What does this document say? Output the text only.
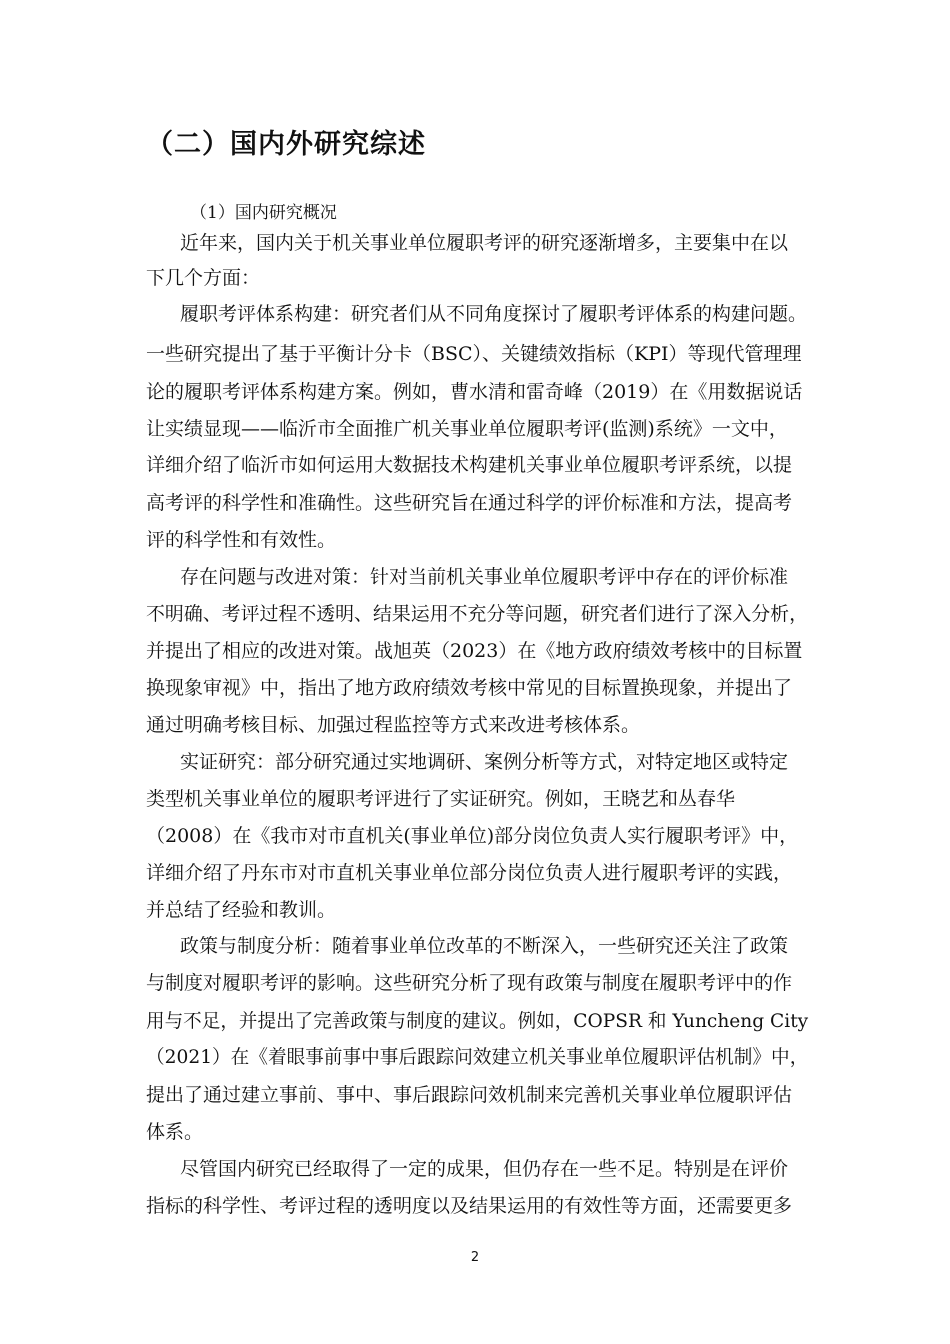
（二）国内外研究综述

（1）国内研究概况

近年来，国内关于机关事业单位履职考评的研究逐渐增多，主要集中在以

下几个方面：

履职考评体系构建：研究者们从不同角度探讨了履职考评体系的构建问题。

一些研究提出了基于平衡计分卡（BSC）、关键绩效指标（KPI）等现代管理理

论的履职考评体系构建方案。例如，曹水清和雷奇峰（2019）在《用数据说话

让实绩显现——临沂市全面推广机关事业单位履职考评(监测)系统》一文中，

详细介绍了临沂市如何运用大数据技术构建机关事业单位履职考评系统，以提

高考评的科学性和准确性。这些研究旨在通过科学的评价标准和方法，提高考

评的科学性和有效性。

存在问题与改进对策：针对当前机关事业单位履职考评中存在的评价标准

不明确、考评过程不透明、结果运用不充分等问题，研究者们进行了深入分析，

并提出了相应的改进对策。战旭英（2023）在《地方政府绩效考核中的目标置

换现象审视》中，指出了地方政府绩效考核中常见的目标置换现象，并提出了

通过明确考核目标、加强过程监控等方式来改进考核体系。

实证研究：部分研究通过实地调研、案例分析等方式，对特定地区或特定

类型机关事业单位的履职考评进行了实证研究。例如，王晓艺和丛春华

（2008）在《我市对市直机关(事业单位)部分岗位负责人实行履职考评》中，

详细介绍了丹东市对市直机关事业单位部分岗位负责人进行履职考评的实践，

并总结了经验和教训。

政策与制度分析：随着事业单位改革的不断深入，一些研究还关注了政策

与制度对履职考评的影响。这些研究分析了现有政策与制度在履职考评中的作

用与不足，并提出了完善政策与制度的建议。例如，COPSR 和 Yuncheng City

（2021）在《着眼事前事中事后跟踪问效建立机关事业单位履职评估机制》中，

提出了通过建立事前、事中、事后跟踪问效机制来完善机关事业单位履职评估

体系。

尽管国内研究已经取得了一定的成果，但仍存在一些不足。特别是在评价

指标的科学性、考评过程的透明度以及结果运用的有效性等方面，还需要更多

2
